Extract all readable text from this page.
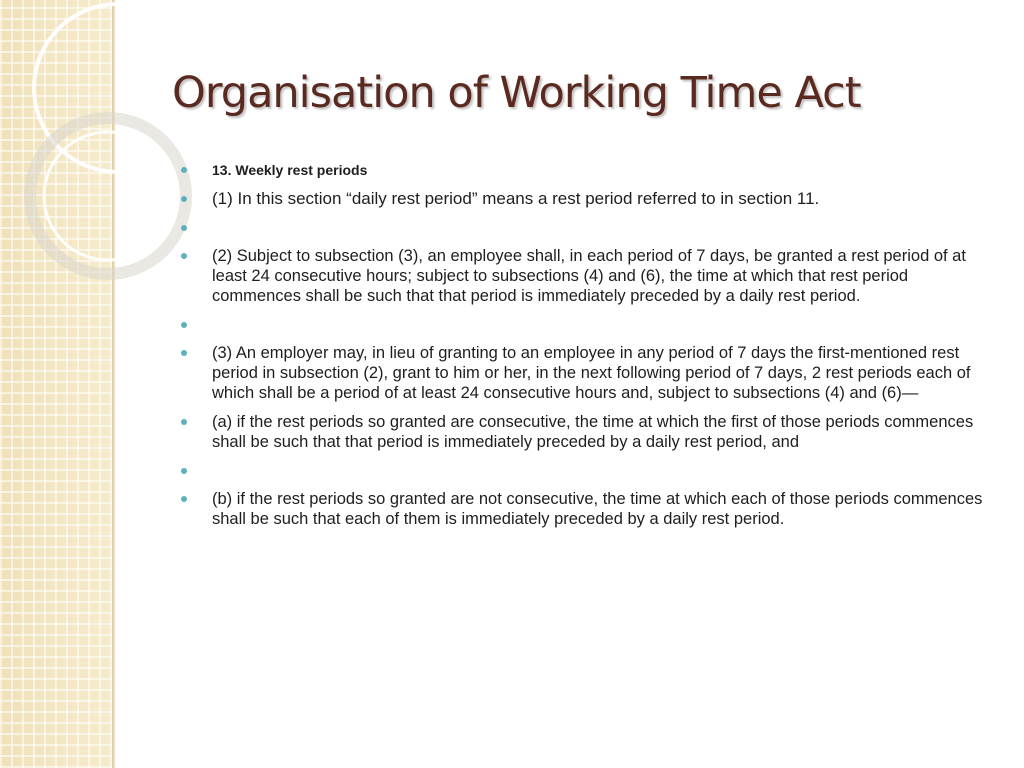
Organisation of Working Time Act
13. Weekly rest periods
(1) In this section “daily rest period” means a rest period referred to in section 11.
(2) Subject to subsection (3), an employee shall, in each period of 7 days, be granted a rest period of at least 24 consecutive hours; subject to subsections (4) and (6), the time at which that rest period commences shall be such that that period is immediately preceded by a daily rest period.
(3) An employer may, in lieu of granting to an employee in any period of 7 days the first-mentioned rest period in subsection (2), grant to him or her, in the next following period of 7 days, 2 rest periods each of which shall be a period of at least 24 consecutive hours and, subject to subsections (4) and (6)—
(a) if the rest periods so granted are consecutive, the time at which the first of those periods commences shall be such that that period is immediately preceded by a daily rest period, and
(b) if the rest periods so granted are not consecutive, the time at which each of those periods commences shall be such that each of them is immediately preceded by a daily rest period.
